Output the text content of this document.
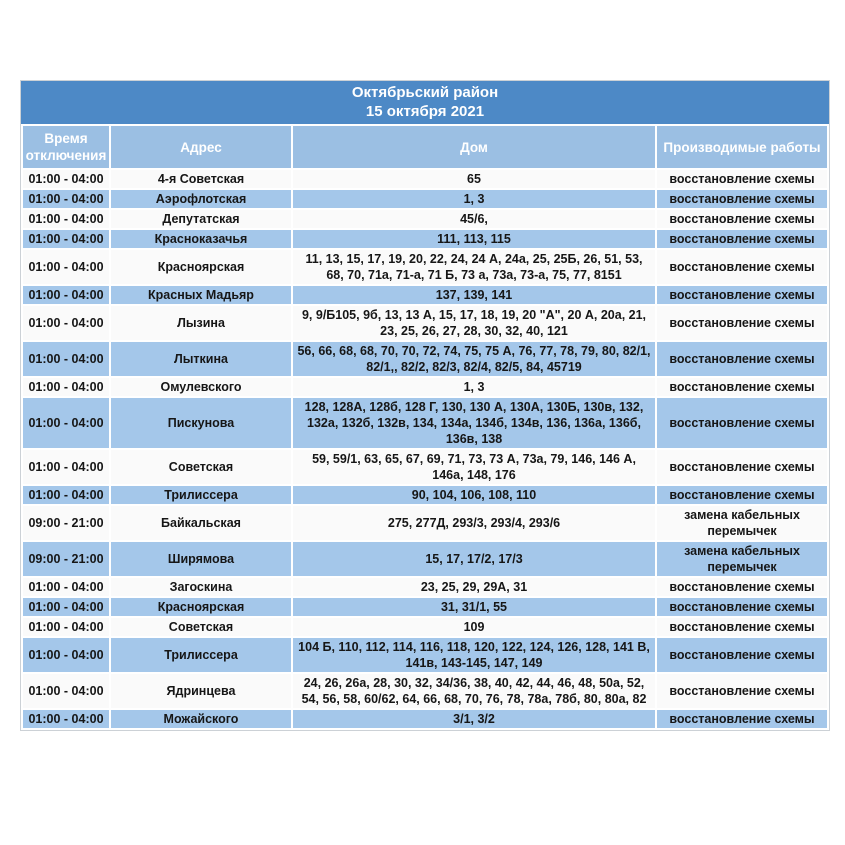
Октябрьский район
15 октября 2021
Время отключения	Адрес	Дом	Производимые работы
01:00 - 04:00	4-я Советская	65	восстановление схемы
01:00 - 04:00	Аэрофлотская	1, 3	восстановление схемы
01:00 - 04:00	Депутатская	45/6,	восстановление схемы
01:00 - 04:00	Красноказачья	111, 113, 115	восстановление схемы
01:00 - 04:00	Красноярская	11, 13, 15, 17, 19, 20, 22, 24, 24 А, 24а, 25, 25Б, 26, 51, 53, 68, 70, 71а, 71-а, 71 Б, 73 а, 73а, 73-а, 75, 77, 8151	восстановление схемы
01:00 - 04:00	Красных Мадьяр	137, 139, 141	восстановление схемы
01:00 - 04:00	Лызина	9, 9/Б105, 9б, 13, 13 А, 15, 17, 18, 19, 20 "А", 20 А, 20а, 21, 23, 25, 26, 27, 28, 30, 32, 40, 121	восстановление схемы
01:00 - 04:00	Лыткина	56, 66, 68, 68, 70, 70, 72, 74, 75, 75 А, 76, 77, 78, 79, 80, 82/1, 82/1,, 82/2, 82/3, 82/4, 82/5, 84, 45719	восстановление схемы
01:00 - 04:00	Омулевского	1, 3	восстановление схемы
01:00 - 04:00	Пискунова	128, 128А, 128б, 128 Г, 130, 130 А, 130А, 130Б, 130в, 132, 132а, 132б, 132в, 134, 134а, 134б, 134в, 136, 136а, 136б, 136в, 138	восстановление схемы
01:00 - 04:00	Советская	59, 59/1, 63, 65, 67, 69, 71, 73, 73 А, 73а, 79, 146, 146 А, 146а, 148, 176	восстановление схемы
01:00 - 04:00	Трилиссера	90, 104, 106, 108, 110	восстановление схемы
09:00 - 21:00	Байкальская	275, 277Д, 293/3, 293/4, 293/6	замена кабельных перемычек
09:00 - 21:00	Ширямова	15, 17, 17/2, 17/3	замена кабельных перемычек
01:00 - 04:00	Загоскина	23, 25, 29, 29А, 31	восстановление схемы
01:00 - 04:00	Красноярская	31, 31/1, 55	восстановление схемы
01:00 - 04:00	Советская	109	восстановление схемы
01:00 - 04:00	Трилиссера	104 Б, 110, 112, 114, 116, 118, 120, 122, 124, 126, 128, 141 В, 141в, 143-145, 147, 149	восстановление схемы
01:00 - 04:00	Ядринцева	24, 26, 26а, 28, 30, 32, 34/36, 38, 40, 42, 44, 46, 48, 50а, 52, 54, 56, 58, 60/62, 64, 66, 68, 70, 76, 78, 78а, 78б, 80, 80а, 82	восстановление схемы
01:00 - 04:00	Можайского	3/1, 3/2	восстановление схемы
